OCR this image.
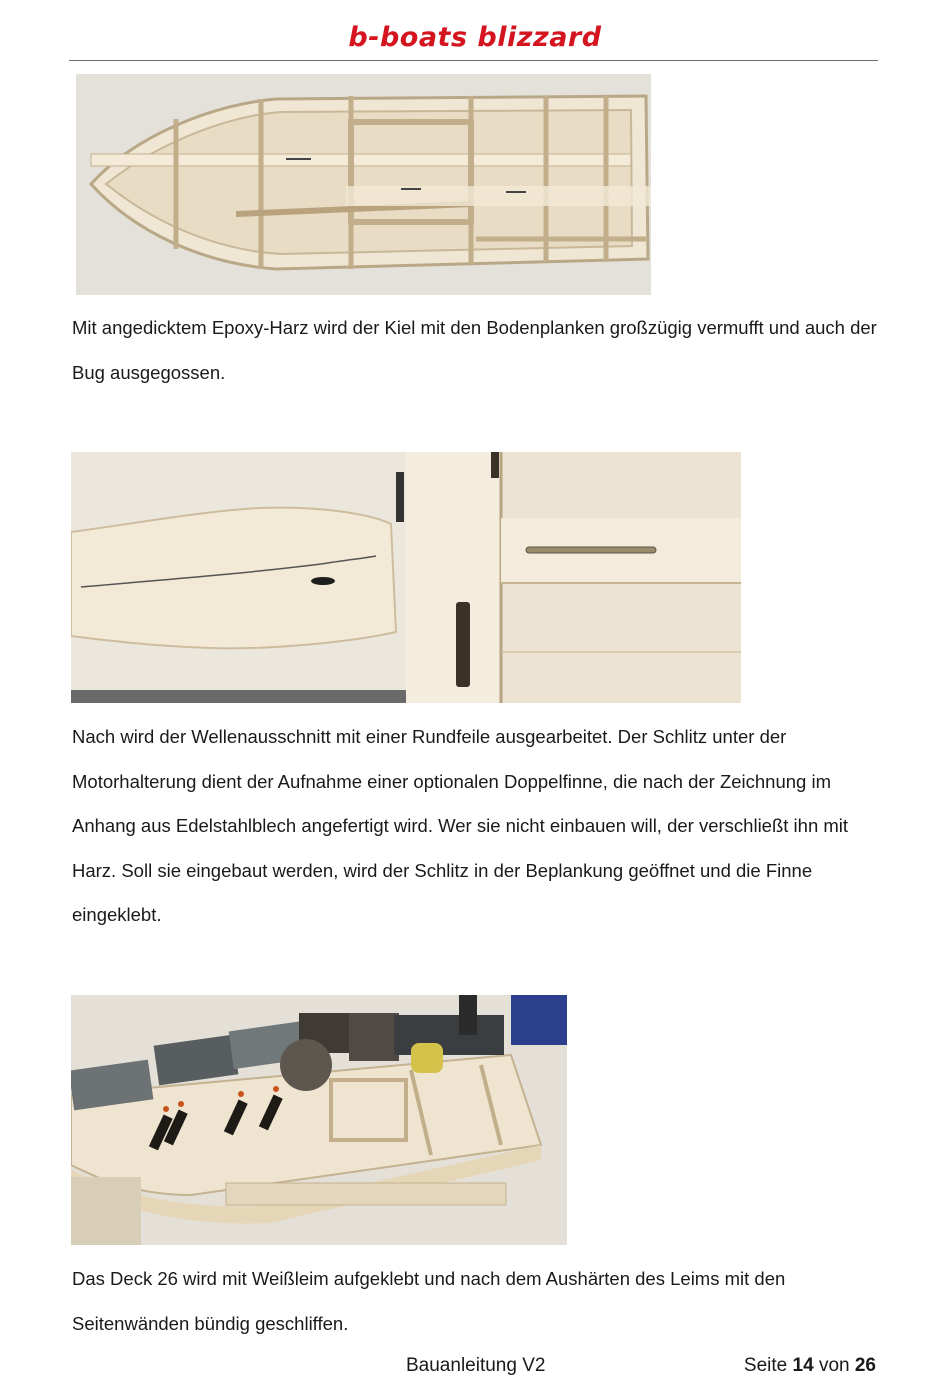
b-boats blizzard

Mit angedicktem Epoxy-Harz wird der Kiel mit den Bodenplanken großzügig vermufft und auch der Bug ausgegossen.

Nach wird der Wellenausschnitt mit einer Rundfeile ausgearbeitet. Der Schlitz unter der Motorhalterung dient der Aufnahme einer optionalen Doppelfinne, die nach der Zeichnung im Anhang aus Edelstahlblech angefertigt wird. Wer sie nicht einbauen will, der verschließt ihn mit Harz. Soll sie eingebaut werden, wird der Schlitz in der Beplankung geöffnet und die Finne eingeklebt.

Das Deck 26 wird mit Weißleim aufgeklebt und nach dem Aushärten des Leims mit den Seitenwänden bündig geschliffen.

Bauanleitung V2	Seite 14 von 26
